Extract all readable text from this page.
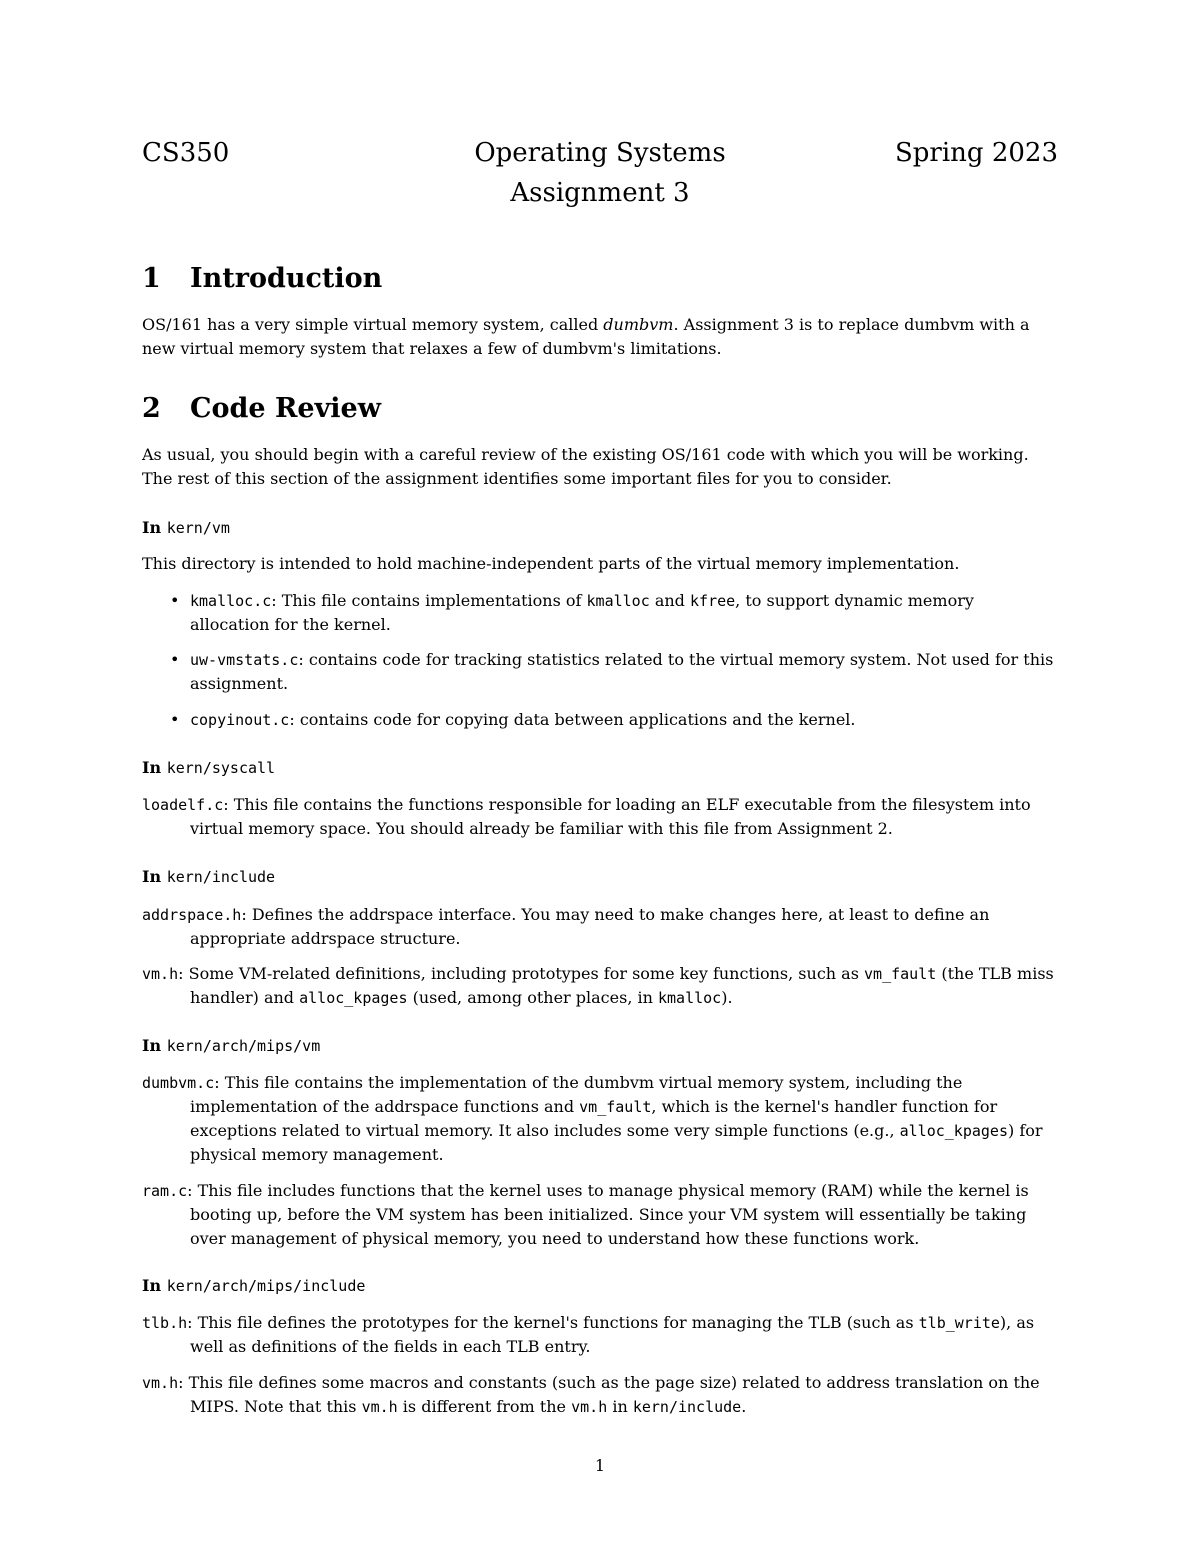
CS350	Operating Systems	Spring 2023
Assignment 3
1 Introduction
OS/161 has a very simple virtual memory system, called dumbvm. Assignment 3 is to replace dumbvm with a new virtual memory system that relaxes a few of dumbvm's limitations.
2 Code Review
As usual, you should begin with a careful review of the existing OS/161 code with which you will be working. The rest of this section of the assignment identifies some important files for you to consider.
In kern/vm
This directory is intended to hold machine-independent parts of the virtual memory implementation.
• kmalloc.c: This file contains implementations of kmalloc and kfree, to support dynamic memory allocation for the kernel.
• uw-vmstats.c: contains code for tracking statistics related to the virtual memory system. Not used for this assignment.
• copyinout.c: contains code for copying data between applications and the kernel.
In kern/syscall
loadelf.c: This file contains the functions responsible for loading an ELF executable from the filesystem into virtual memory space. You should already be familiar with this file from Assignment 2.
In kern/include
addrspace.h: Defines the addrspace interface. You may need to make changes here, at least to define an appropriate addrspace structure.
vm.h: Some VM-related definitions, including prototypes for some key functions, such as vm_fault (the TLB miss handler) and alloc_kpages (used, among other places, in kmalloc).
In kern/arch/mips/vm
dumbvm.c: This file contains the implementation of the dumbvm virtual memory system, including the implementation of the addrspace functions and vm_fault, which is the kernel's handler function for exceptions related to virtual memory. It also includes some very simple functions (e.g., alloc_kpages) for physical memory management.
ram.c: This file includes functions that the kernel uses to manage physical memory (RAM) while the kernel is booting up, before the VM system has been initialized. Since your VM system will essentially be taking over management of physical memory, you need to understand how these functions work.
In kern/arch/mips/include
tlb.h: This file defines the prototypes for the kernel's functions for managing the TLB (such as tlb_write), as well as definitions of the fields in each TLB entry.
vm.h: This file defines some macros and constants (such as the page size) related to address translation on the MIPS. Note that this vm.h is different from the vm.h in kern/include.
1
